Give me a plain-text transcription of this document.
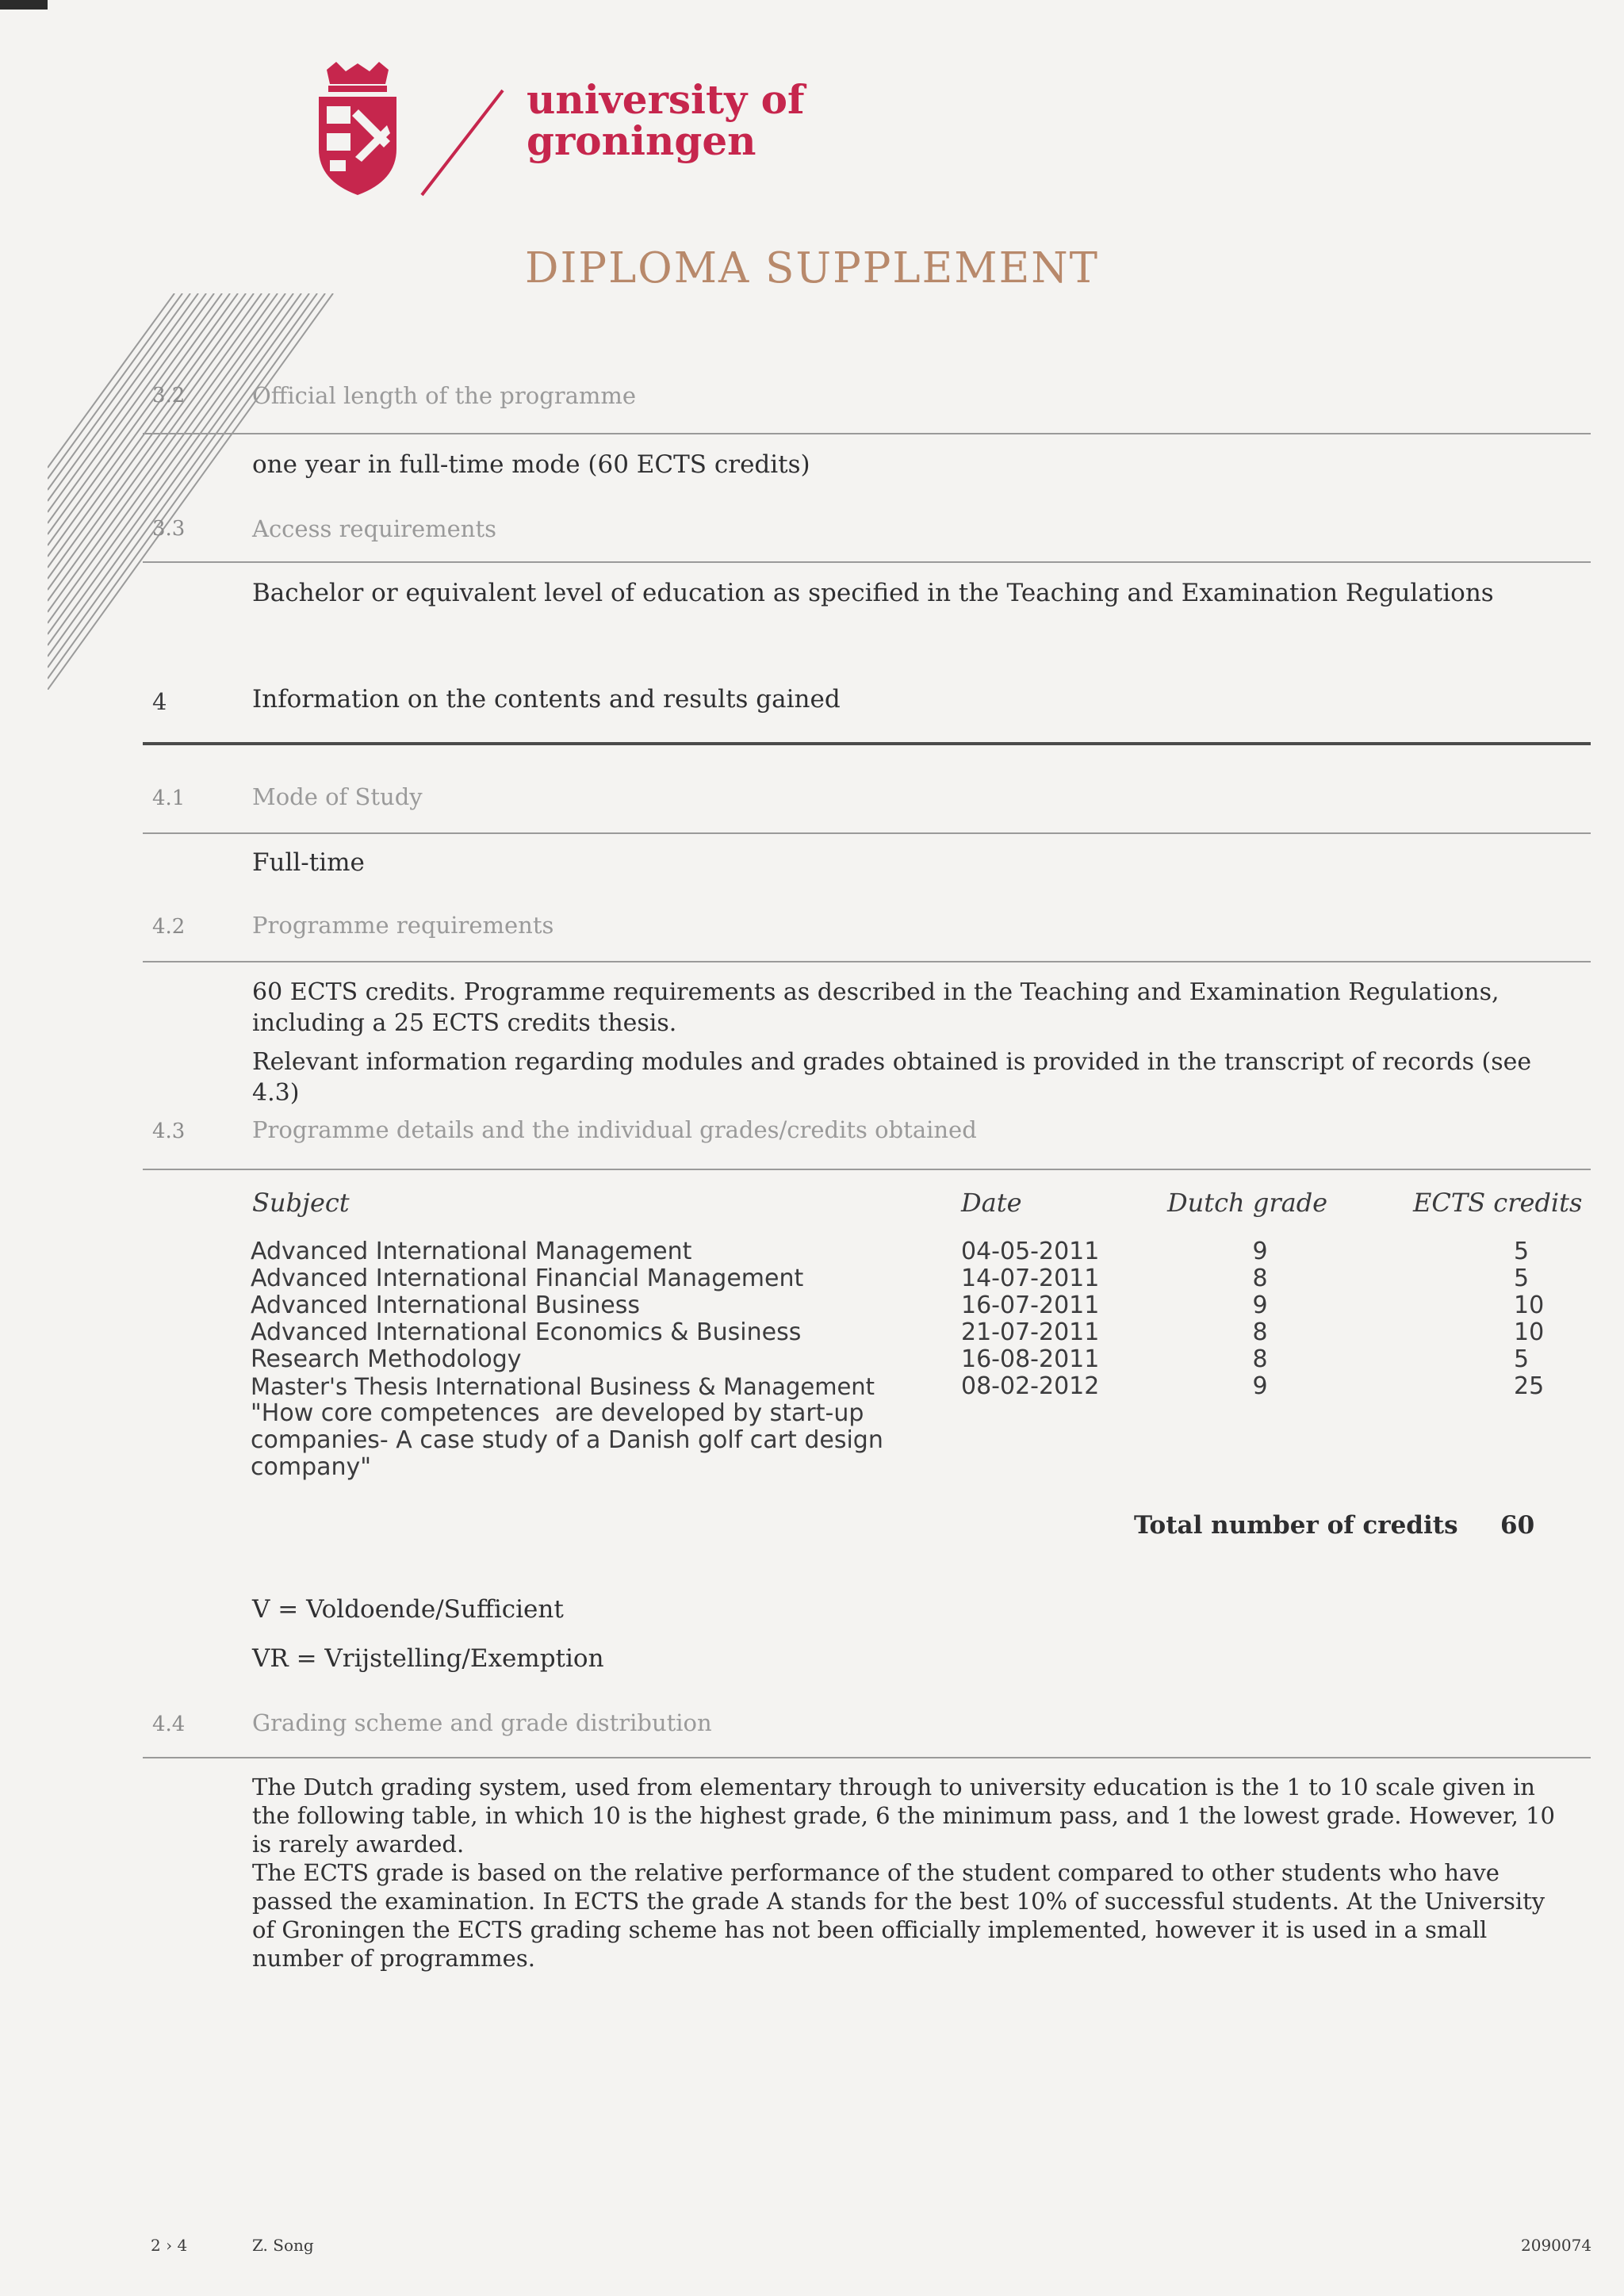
university of
groningen
DIPLOMA SUPPLEMENT
3.2	Official length of the programme
one year in full-time mode (60 ECTS credits)
3.3	Access requirements
Bachelor or equivalent level of education as specified in the Teaching and Examination Regulations
4	Information on the contents and results gained
4.1	Mode of Study
Full-time
4.2	Programme requirements

60 ECTS credits. Programme requirements as described in the Teaching and Examination Regulations, including a 25 ECTS credits thesis.

Relevant information regarding modules and grades obtained is provided in the transcript of records (see 4.3)

4.3	Programme details and the individual grades/credits obtained
Subject	Date	Dutch grade	ECTS credits
Advanced International Management	04-05-2011	9	5
Advanced International Financial Management	14-07-2011	8	5
Advanced International Business	16-07-2011	9	10
Advanced International Economics & Business	21-07-2011	8	10
Research Methodology	16-08-2011	8	5
Master's Thesis International Business & Management	08-02-2012	9	25
"How core competences  are developed by start-up
companies- A case study of a Danish golf cart design
company"
Total number of credits 60
V = Voldoende/Sufficient
VR = Vrijstelling/Exemption
4.4	Grading scheme and grade distribution

The Dutch grading system, used from elementary through to university education is the 1 to 10 scale given in the following table, in which 10 is the highest grade, 6 the minimum pass, and 1 the lowest grade. However, 10 is rarely awarded.

The ECTS grade is based on the relative performance of the student compared to other students who have passed the examination. In ECTS the grade A stands for the best 10% of successful students. At the University of Groningen the ECTS grading scheme has not been officially implemented, however it is used in a small number of programmes.

2 › 4	Z. Song	2090074
